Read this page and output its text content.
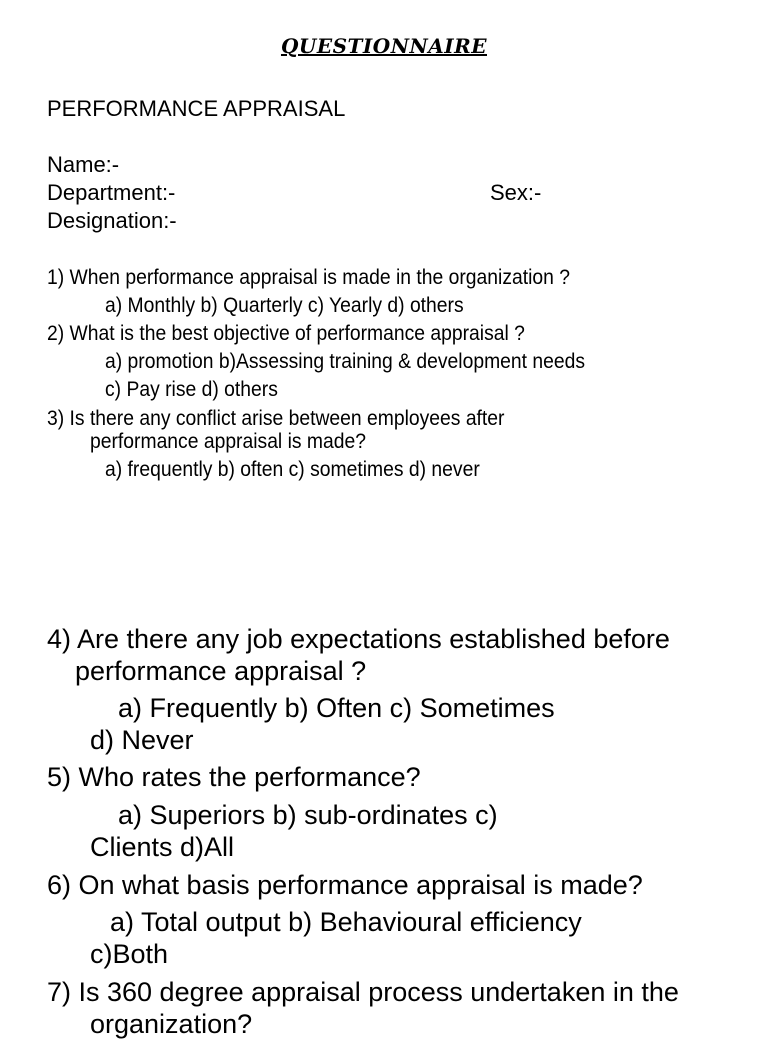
QUESTIONNAIRE
PERFORMANCE APPRAISAL
Name:-
Department:-	Sex:-
Designation:-
1) When performance appraisal is made in the organization ?
a) Monthly b) Quarterly c) Yearly d) others
2) What is the best objective of performance appraisal ?
a) promotion b)Assessing training & development needs
c) Pay rise d) others
3) Is there any conflict arise between employees after
performance appraisal is made?
a) frequently b) often c) sometimes d) never
4) Are there any job expectations established before
performance appraisal ?
a) Frequently b) Often c) Sometimes
d) Never
5) Who rates the performance?
a) Superiors b) sub-ordinates c)
Clients d)All
6) On what basis performance appraisal is made?
a) Total output b) Behavioural efficiency
c)Both
7) Is 360 degree appraisal process undertaken in the
organization?
